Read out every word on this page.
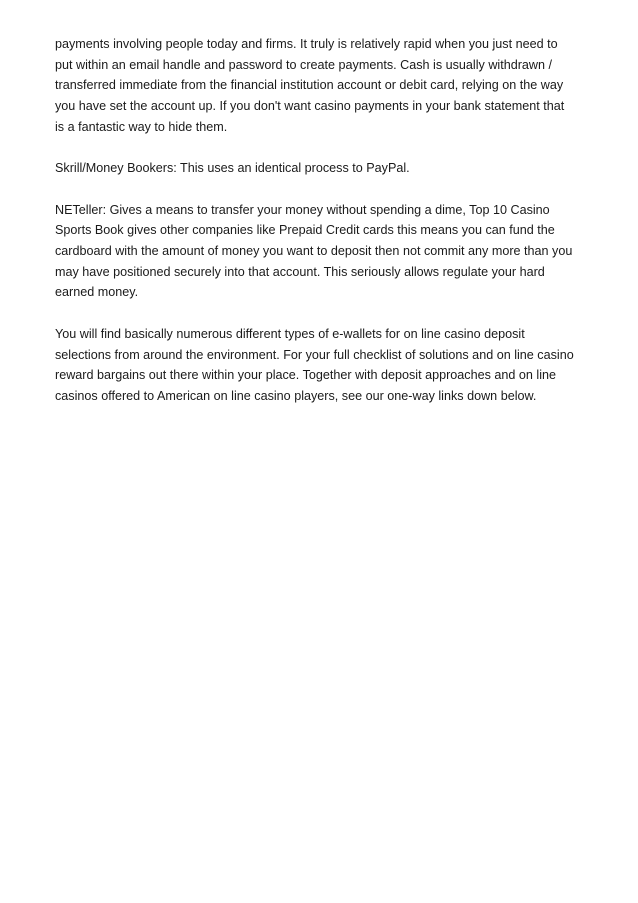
payments involving people today and firms. It truly is relatively rapid when you just need to
put within an email handle and password to create payments. Cash is usually withdrawn /
transferred immediate from the financial institution account or debit card, relying on the way
you have set the account up. If you don't want casino payments in your bank statement that
is a fantastic way to hide them.

Skrill/Money Bookers: This uses an identical process to PayPal.

NETeller: Gives a means to transfer your money without spending a dime, Top 10 Casino
Sports Book gives other companies like Prepaid Credit cards this means you can fund the
cardboard with the amount of money you want to deposit then not commit any more than you
may have positioned securely into that account. This seriously allows regulate your hard
earned money.

You will find basically numerous different types of e-wallets for on line casino deposit
selections from around the environment. For your full checklist of solutions and on line casino
reward bargains out there within your place. Together with deposit approaches and on line
casinos offered to American on line casino players, see our one-way links down below.
